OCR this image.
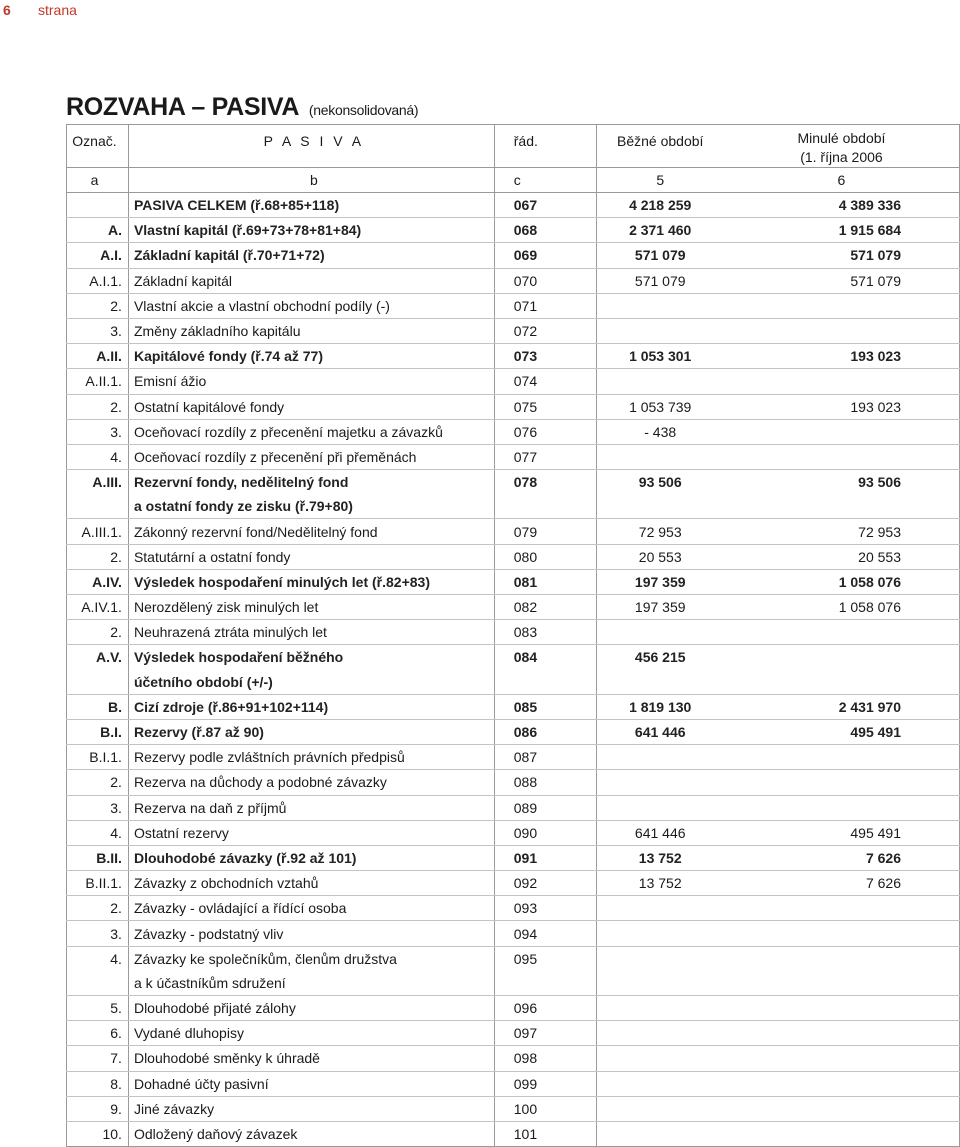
6 strana
ROZVAHA – PASIVA (nekonsolidovaná)
Označ.	P A S I V A	řád.	Běžné období	Minulé období
(1. října 2006
a	b	c	5	6
	PASIVA CELKEM (ř.68+85+118)	067	4 218 259	4 389 336
A.	Vlastní kapitál (ř.69+73+78+81+84)	068	2 371 460	1 915 684
A.I.	Základní kapitál (ř.70+71+72)	069	571 079	571 079
A.I.1.	Základní kapitál	070	571 079	571 079
2.	Vlastní akcie a vlastní obchodní podíly (-)	071		
3.	Změny základního kapitálu	072		
A.II.	Kapitálové fondy (ř.74 až 77)	073	1 053 301	193 023
A.II.1.	Emisní ážio	074		
2.	Ostatní kapitálové fondy	075	1 053 739	193 023
3.	Oceňovací rozdíly z přecenění majetku a závazků	076	- 438	
4.	Oceňovací rozdíly z přecenění při přeměnách	077		
A.III.	Rezervní fondy, nedělitelný fond	078	93 506	93 506
	a ostatní fondy ze zisku (ř.79+80)			
A.III.1.	Zákonný rezervní fond/Nedělitelný fond	079	72 953	72 953
2.	Statutární a ostatní fondy	080	20 553	20 553
A.IV.	Výsledek hospodaření minulých let (ř.82+83)	081	197 359	1 058 076
A.IV.1.	Nerozdělený zisk minulých let	082	197 359	1 058 076
2.	Neuhrazená ztráta minulých let	083		
A.V.	Výsledek hospodaření běžného	084	456 215	
	účetního období (+/-)			
B.	Cizí zdroje (ř.86+91+102+114)	085	1 819 130	2 431 970
B.I.	Rezervy (ř.87 až 90)	086	641 446	495 491
B.I.1.	Rezervy podle zvláštních právních předpisů	087		
2.	Rezerva na důchody a podobné závazky	088		
3.	Rezerva na daň z příjmů	089		
4.	Ostatní rezervy	090	641 446	495 491
B.II.	Dlouhodobé závazky (ř.92 až 101)	091	13 752	7 626
B.II.1.	Závazky z obchodních vztahů	092	13 752	7 626
2.	Závazky - ovládající a řídící osoba	093		
3.	Závazky - podstatný vliv	094		
4.	Závazky ke společníkům, členům družstva	095		
	a k účastníkům sdružení			
5.	Dlouhodobé přijaté zálohy	096		
6.	Vydané dluhopisy	097		
7.	Dlouhodobé směnky k úhradě	098		
8.	Dohadné účty pasivní	099		
9.	Jiné závazky	100		
10.	Odložený daňový závazek	101		
